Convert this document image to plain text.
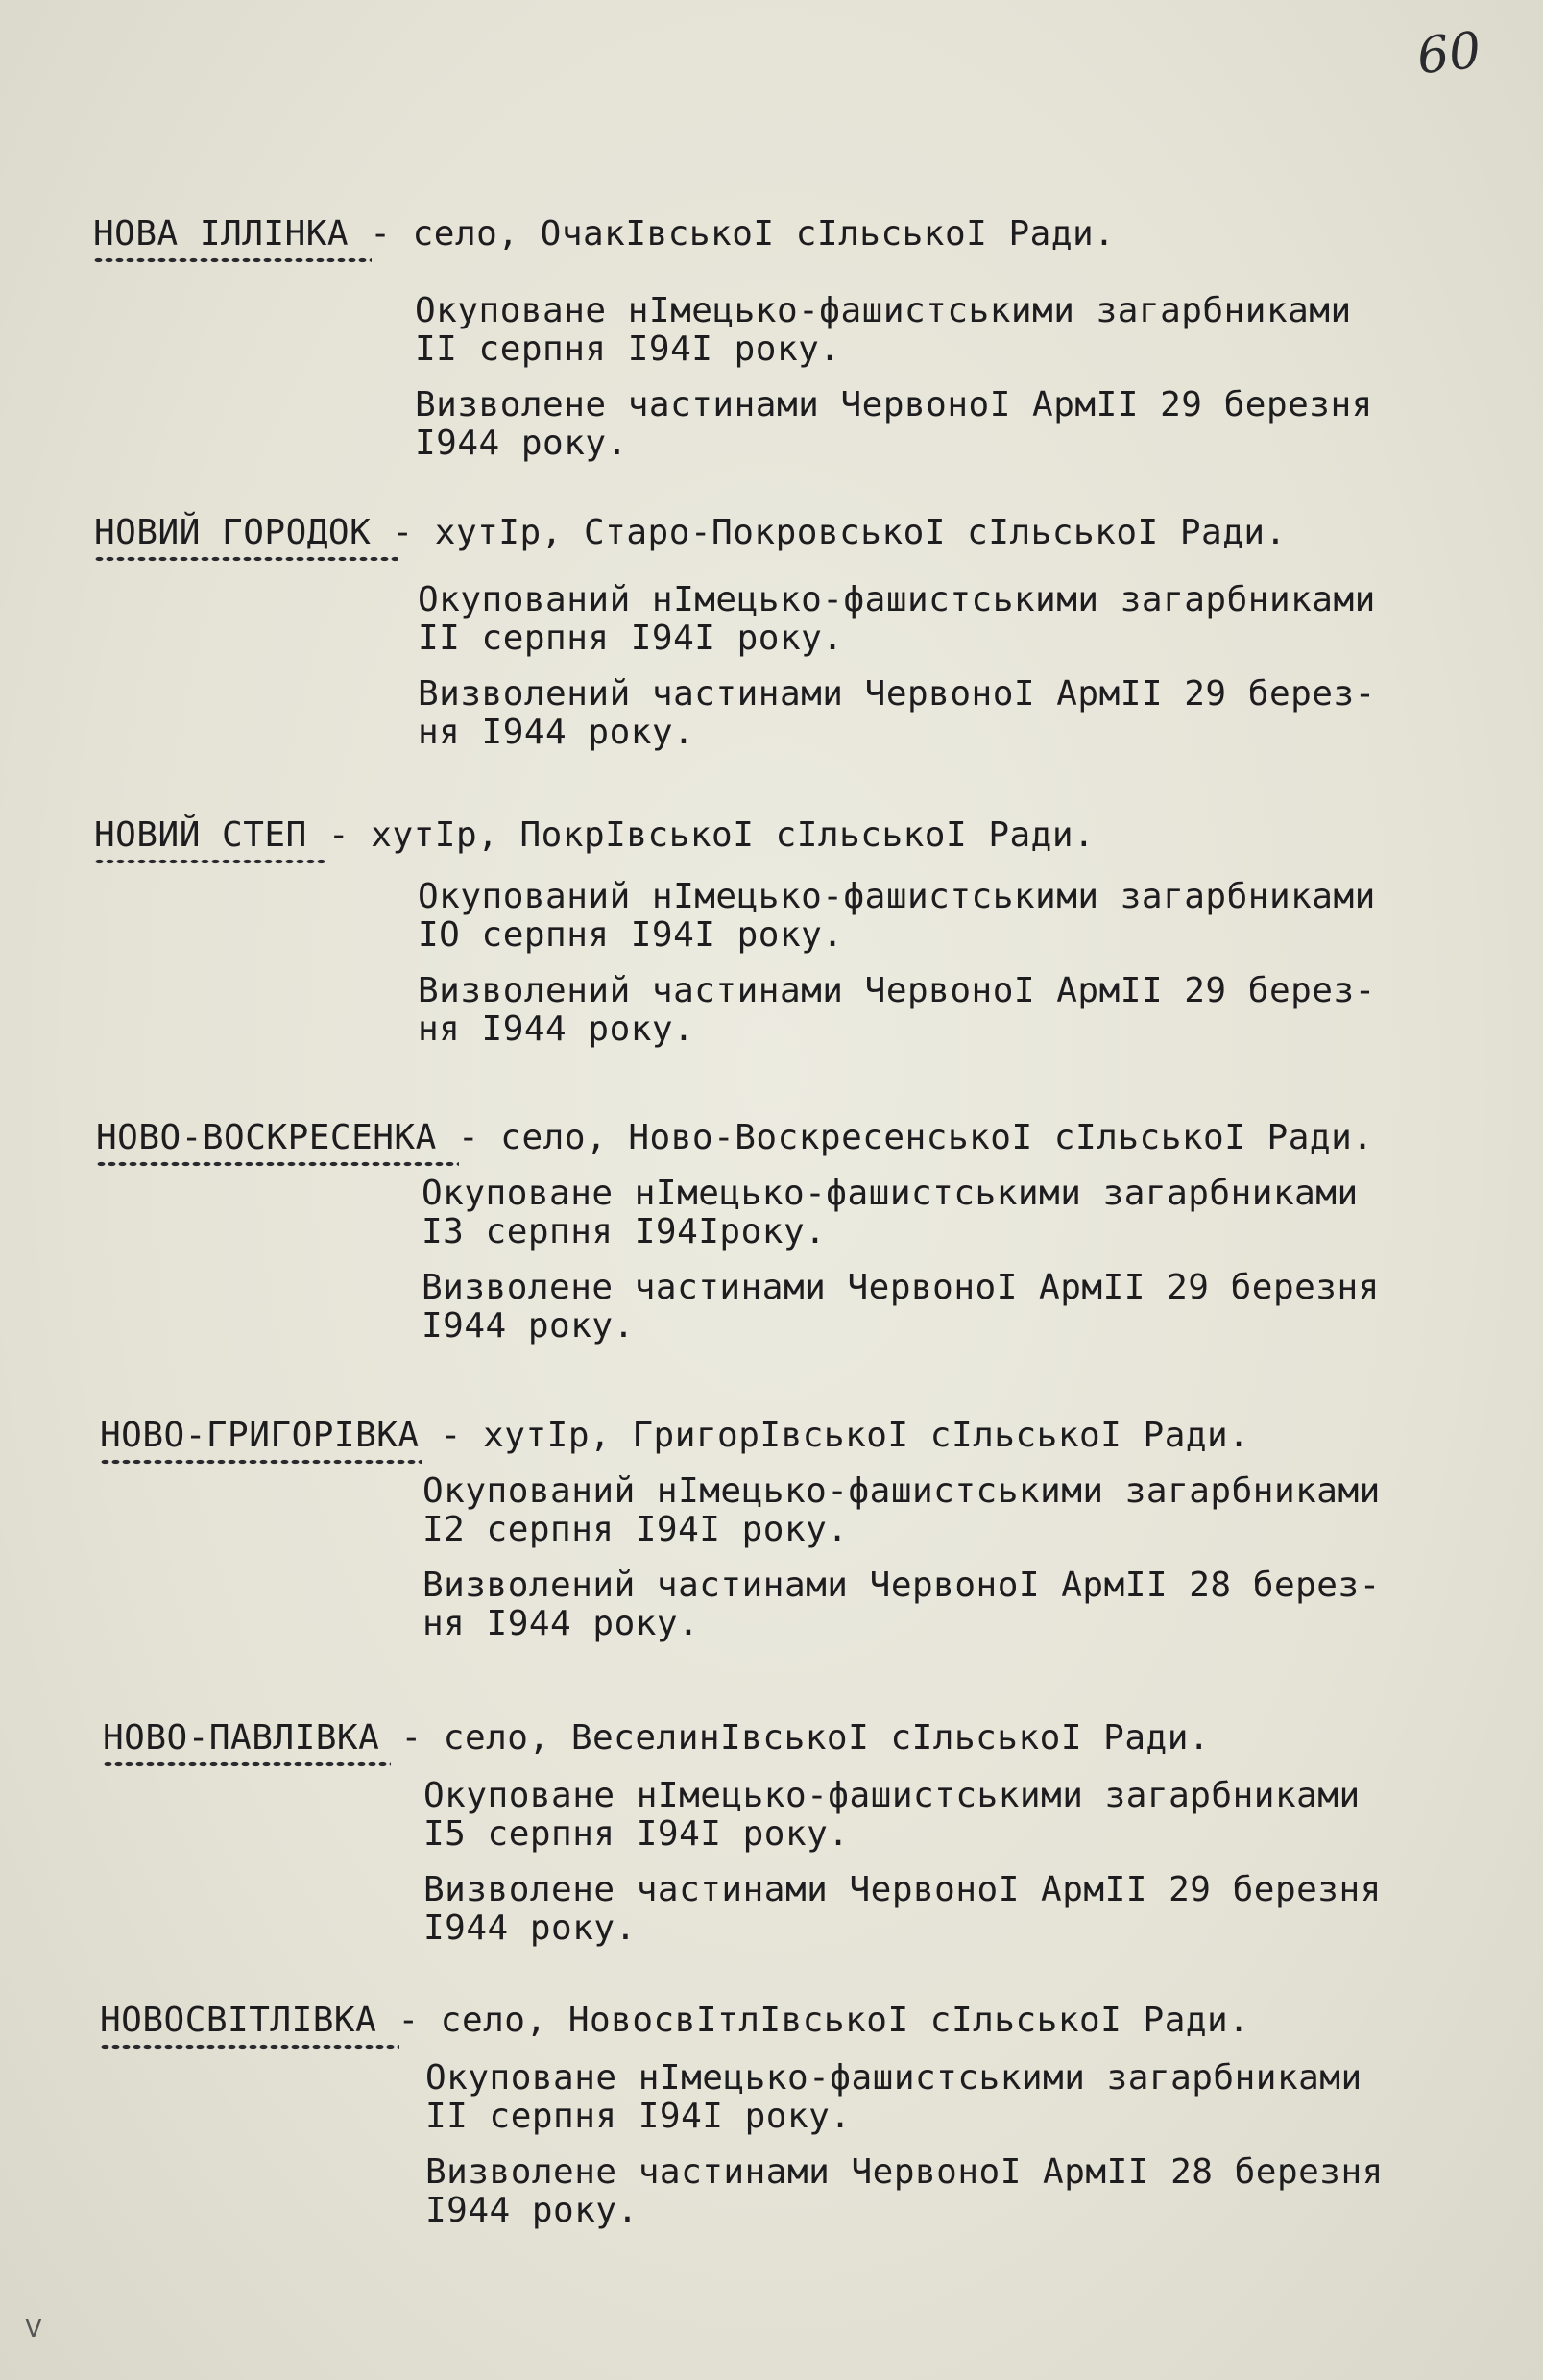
60
НОВА ІЛЛІНКА
- село, ОчакІвськоІ сІльськоІ Ради.
Окуповане нІмецько-фашистськими загарбниками
ІІ серпня І94І року.
Визволене частинами ЧервоноІ АрмІІ 29 березня
І944 року.
НОВИЙ ГОРОДОК
- хутІр, Старо-ПокровськоІ сІльськоІ Ради.
Окупований нІмецько-фашистськими загарбниками
ІІ серпня І94І року.
Визволений частинами ЧервоноІ АрмІІ 29 берез-
ня І944 року.
НОВИЙ СТЕП
- хутІр, ПокрІвськоІ сІльськоІ Ради.
Окупований нІмецько-фашистськими загарбниками
ІО серпня І94І року.
Визволений частинами ЧервоноІ АрмІІ 29 берез-
ня І944 року.
НОВО-ВОСКРЕСЕНКА
- село, Ново-ВоскресенськоІ сІльськоІ Ради.
Окуповане нІмецько-фашистськими загарбниками
ІЗ серпня І94Іроку.
Визволене частинами ЧервоноІ АрмІІ 29 березня
І944 року.
НОВО-ГРИГОРІВКА
- хутІр, ГригорІвськоІ сІльськоІ Ради.
Окупований нІмецько-фашистськими загарбниками
І2 серпня І94І року.
Визволений частинами ЧервоноІ АрмІІ 28 берез-
ня І944 року.
НОВО-ПАВЛІВКА
- село, ВеселинІвськоІ сІльськоІ Ради.
Окуповане нІмецько-фашистськими загарбниками
І5 серпня І94І року.
Визволене частинами ЧервоноІ АрмІІ 29 березня
І944 року.
НОВОСВІТЛІВКА
- село, НовосвІтлІвськоІ сІльськоІ Ради.
Окуповане нІмецько-фашистськими загарбниками
ІІ серпня І94І року.
Визволене частинами ЧервоноІ АрмІІ 28 березня
І944 року.
V
